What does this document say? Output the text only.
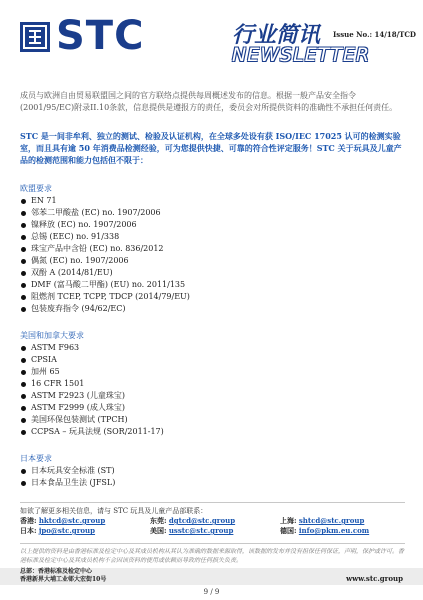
STC	行业简讯 Issue No.: 14/18/TCD
NEWSLETTER

成员与欧洲自由贸易联盟国之间的官方联络点提供每周概述发布的信息。根据一般产品安全指令(2001/95/EC)附录II.10条款，信息提供是遵报方的责任，委员会对所提供资料的准确性不承担任何责任。

STC 是一间非牟利、独立的测试、检验及认证机构，在全球多处设有获 ISO/IEC 17025 认可的检测实验室，而且具有逾 50 年消费品检测经验，可为您提供快捷、可靠的符合性评定服务！STC 关于玩具及儿童产品的检测范围和能力包括但不限于：

欧盟要求
EN 71
邻苯二甲酸盐 (EC) no. 1907/2006
镍释放 (EC) no. 1907/2006
总锡 (EEC) no. 91/338
珠宝产品中含铅 (EC) no. 836/2012
偶氮 (EC) no. 1907/2006
双酚 A (2014/81/EU)
DMF (富马酸二甲酯) (EU) no. 2011/135
阻燃剂 TCEP, TCPP, TDCP (2014/79/EU)
包装废弃指令 (94/62/EC)
美国和加拿大要求
ASTM F963
CPSIA
加州 65
16 CFR 1501
ASTM F2923 (儿童珠宝)
ASTM F2999 (成人珠宝)
美国环保包装测试 (TPCH)
CCPSA – 玩具法规 (SOR/2011-17)
日本要求
日本玩具安全标准 (ST)
日本食品卫生法 (JFSL)
如欲了解更多相关信息，请与 STC 玩具及儿童产品部联系：
香港: hktcd@stc.group	东莞: dgtcd@stc.group	上海: shtcd@stc.group
日本: jpo@stc.group	美国: usstc@stc.group	德国: info@pkm.eu.com
以上提供的资料是由香港标准及检定中心及其成员机构从其认为准确的数据来源取得，该数据的发布并没有担保任何保证，声明，保护或许可。香港标准及检定中心及其成员机构不会因该资料的使用或依赖而导致的任何损失负责。
总部：香港标准及检定中心
香港新界大埔工业邨大宏街10号	www.stc.group
9 / 9
